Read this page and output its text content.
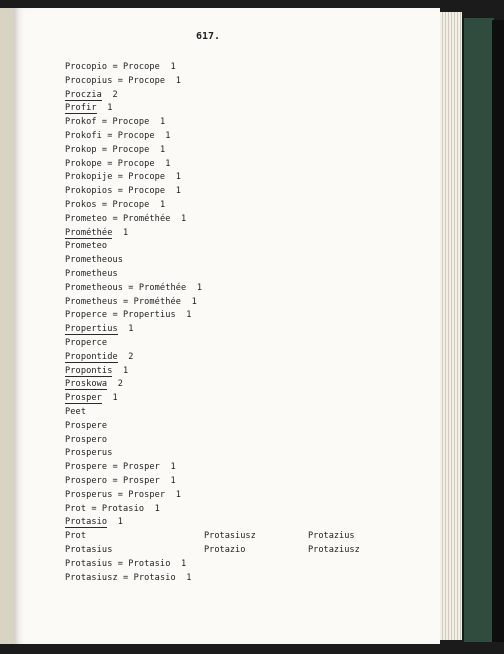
617.
Procopio = Procope  1
Procopius = Procope  1
Proczia  2
Profir  1
Prokof = Procope  1
Prokofi = Procope  1
Prokop = Procope  1
Prokope = Procope  1
Prokopije = Procope  1
Prokopios = Procope  1
Prokos = Procope  1
Prometeo = Prométhée  1
Prométhée  1
Prometeo
Prometheous
Prometheus
Prometheous = Prométhée  1
Prometheus = Prométhée  1
Properce = Propertius  1
Propertius  1
Properce
Propontide  2
Propontis  1
Proskowa  2
Prosper  1
Peet
Prospere
Prospero
Prosperus
Prospere = Prosper  1
Prospero = Prosper  1
Prosperus = Prosper  1
Prot = Protasio  1
Protasio  1
Prot
Protasius
Protasius = Protasio  1
Protasiusz = Protasio  1
Protasiusz	Protazius
Protazio	Protaziusz
